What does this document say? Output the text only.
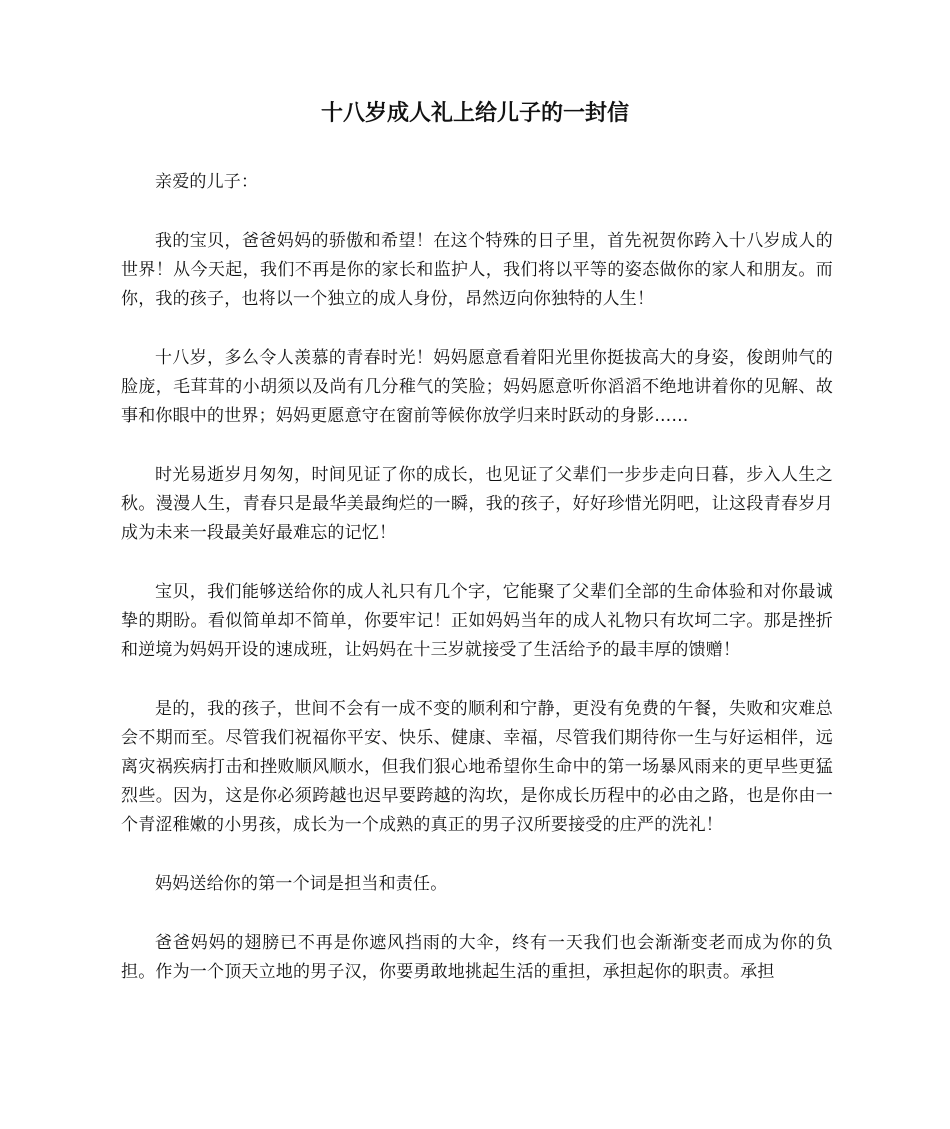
十八岁成人礼上给儿子的一封信

亲爱的儿子：

我的宝贝，爸爸妈妈的骄傲和希望！在这个特殊的日子里，首先祝贺你跨入十八岁成人的世界！从今天起，我们不再是你的家长和监护人，我们将以平等的姿态做你的家人和朋友。而你，我的孩子，也将以一个独立的成人身份，昂然迈向你独特的人生！

十八岁，多么令人羡慕的青春时光！妈妈愿意看着阳光里你挺拔高大的身姿，俊朗帅气的脸庞，毛茸茸的小胡须以及尚有几分稚气的笑脸；妈妈愿意听你滔滔不绝地讲着你的见解、故事和你眼中的世界；妈妈更愿意守在窗前等候你放学归来时跃动的身影……

时光易逝岁月匆匆，时间见证了你的成长，也见证了父辈们一步步走向日暮，步入人生之秋。漫漫人生，青春只是最华美最绚烂的一瞬，我的孩子，好好珍惜光阴吧，让这段青春岁月成为未来一段最美好最难忘的记忆！

宝贝，我们能够送给你的成人礼只有几个字，它能聚了父辈们全部的生命体验和对你最诚挚的期盼。看似简单却不简单，你要牢记！正如妈妈当年的成人礼物只有坎坷二字。那是挫折和逆境为妈妈开设的速成班，让妈妈在十三岁就接受了生活给予的最丰厚的馈赠！

是的，我的孩子，世间不会有一成不变的顺利和宁静，更没有免费的午餐，失败和灾难总会不期而至。尽管我们祝福你平安、快乐、健康、幸福，尽管我们期待你一生与好运相伴，远离灾祸疾病打击和挫败顺风顺水，但我们狠心地希望你生命中的第一场暴风雨来的更早些更猛烈些。因为，这是你必须跨越也迟早要跨越的沟坎，是你成长历程中的必由之路，也是你由一个青涩稚嫩的小男孩，成长为一个成熟的真正的男子汉所要接受的庄严的洗礼！

妈妈送给你的第一个词是担当和责任。

爸爸妈妈的翅膀已不再是你遮风挡雨的大伞，终有一天我们也会渐渐变老而成为你的负担。作为一个顶天立地的男子汉，你要勇敢地挑起生活的重担，承担起你的职责。承担
